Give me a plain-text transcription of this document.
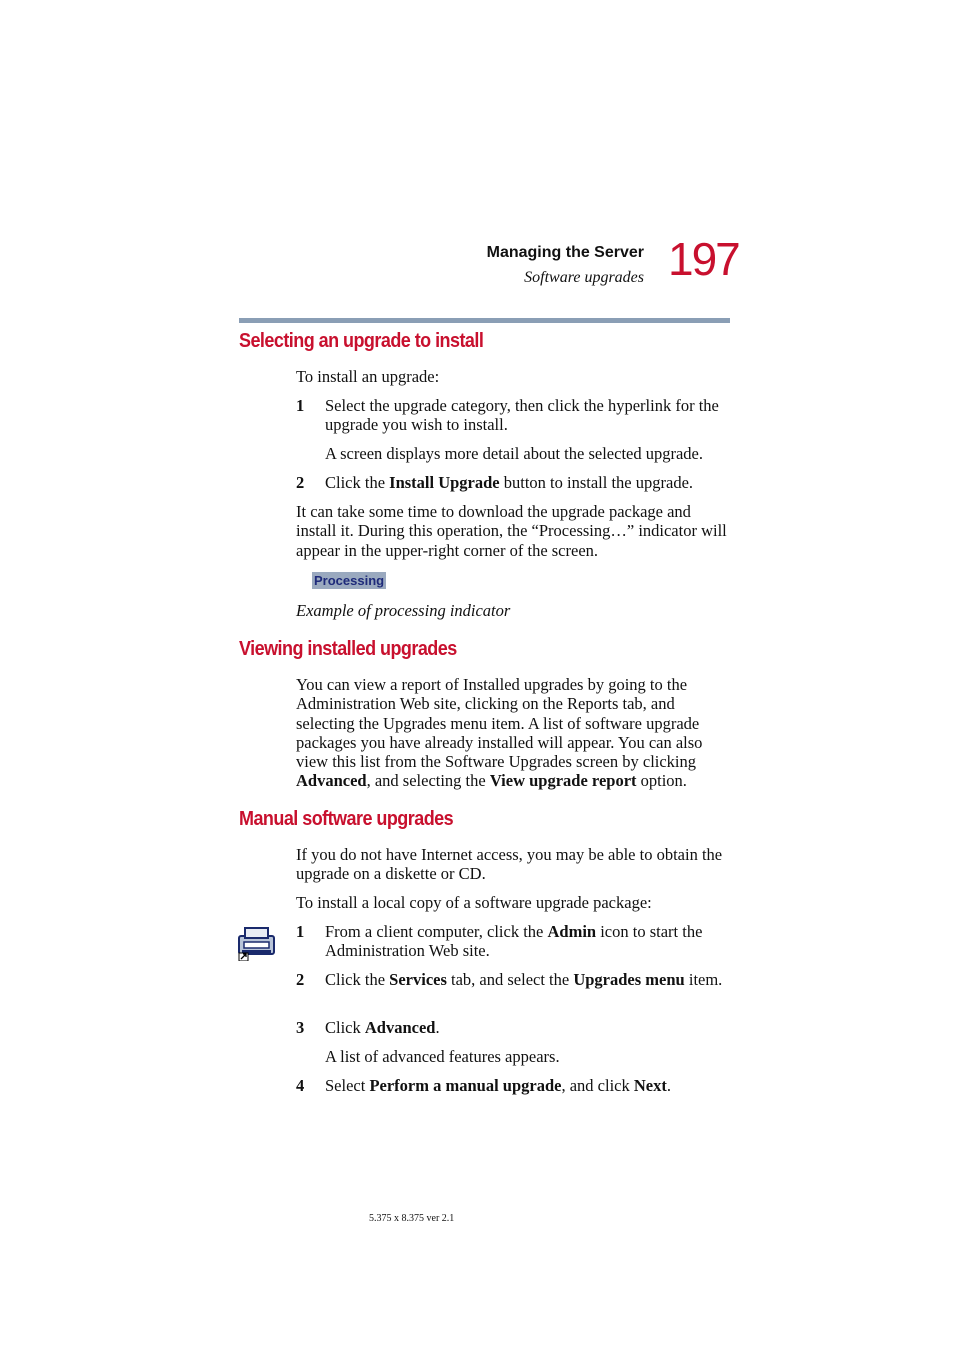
Managing the Server
Software upgrades 197
Selecting an upgrade to install
To install an upgrade:
1 Select the upgrade category, then click the hyperlink for the upgrade you wish to install.
A screen displays more detail about the selected upgrade.
2 Click the Install Upgrade button to install the upgrade.
It can take some time to download the upgrade package and install it. During this operation, the “Processing…” indicator will appear in the upper-right corner of the screen.
Processing
Example of processing indicator
Viewing installed upgrades
You can view a report of Installed upgrades by going to the Administration Web site, clicking on the Reports tab, and selecting the Upgrades menu item. A list of software upgrade packages you have already installed will appear. You can also view this list from the Software Upgrades screen by clicking Advanced, and selecting the View upgrade report option.
Manual software upgrades
If you do not have Internet access, you may be able to obtain the upgrade on a diskette or CD.
To install a local copy of a software upgrade package:
1 From a client computer, click the Admin icon to start the Administration Web site.
2 Click the Services tab, and select the Upgrades menu item.
3 Click Advanced.
A list of advanced features appears.
4 Select Perform a manual upgrade, and click Next.
5.375 x 8.375 ver 2.1
